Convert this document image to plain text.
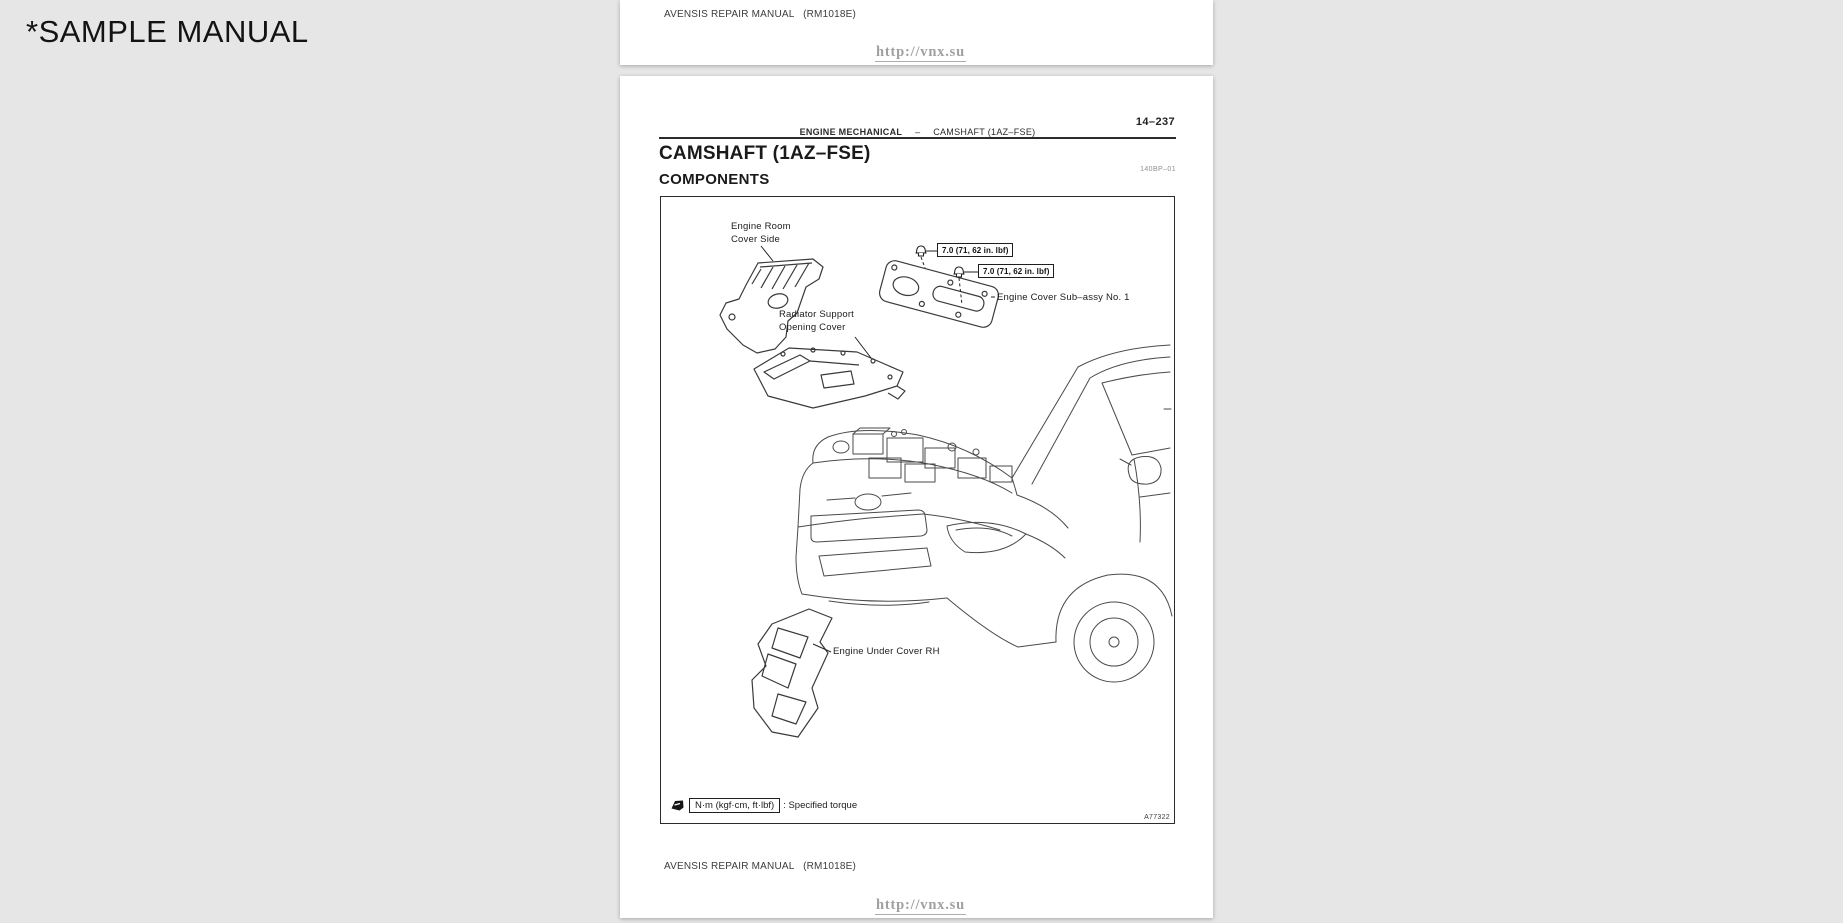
*SAMPLE MANUAL	AVENSIS REPAIR MANUAL   (RM1018E)
http://vnx.su
14–237
ENGINE MECHANICAL – CAMSHAFT (1AZ–FSE)
CAMSHAFT (1AZ–FSE)
140BP–01
COMPONENTS
Engine Room
Cover Side
7.0 (71, 62 in. lbf)
7.0 (71, 62 in. lbf)
Engine Cover Sub–assy No. 1
Radiator Support
Opening Cover
Engine Under Cover RH
N·m (kgf·cm, ft·lbf) : Specified torque
A77322
AVENSIS REPAIR MANUAL   (RM1018E)
http://vnx.su
